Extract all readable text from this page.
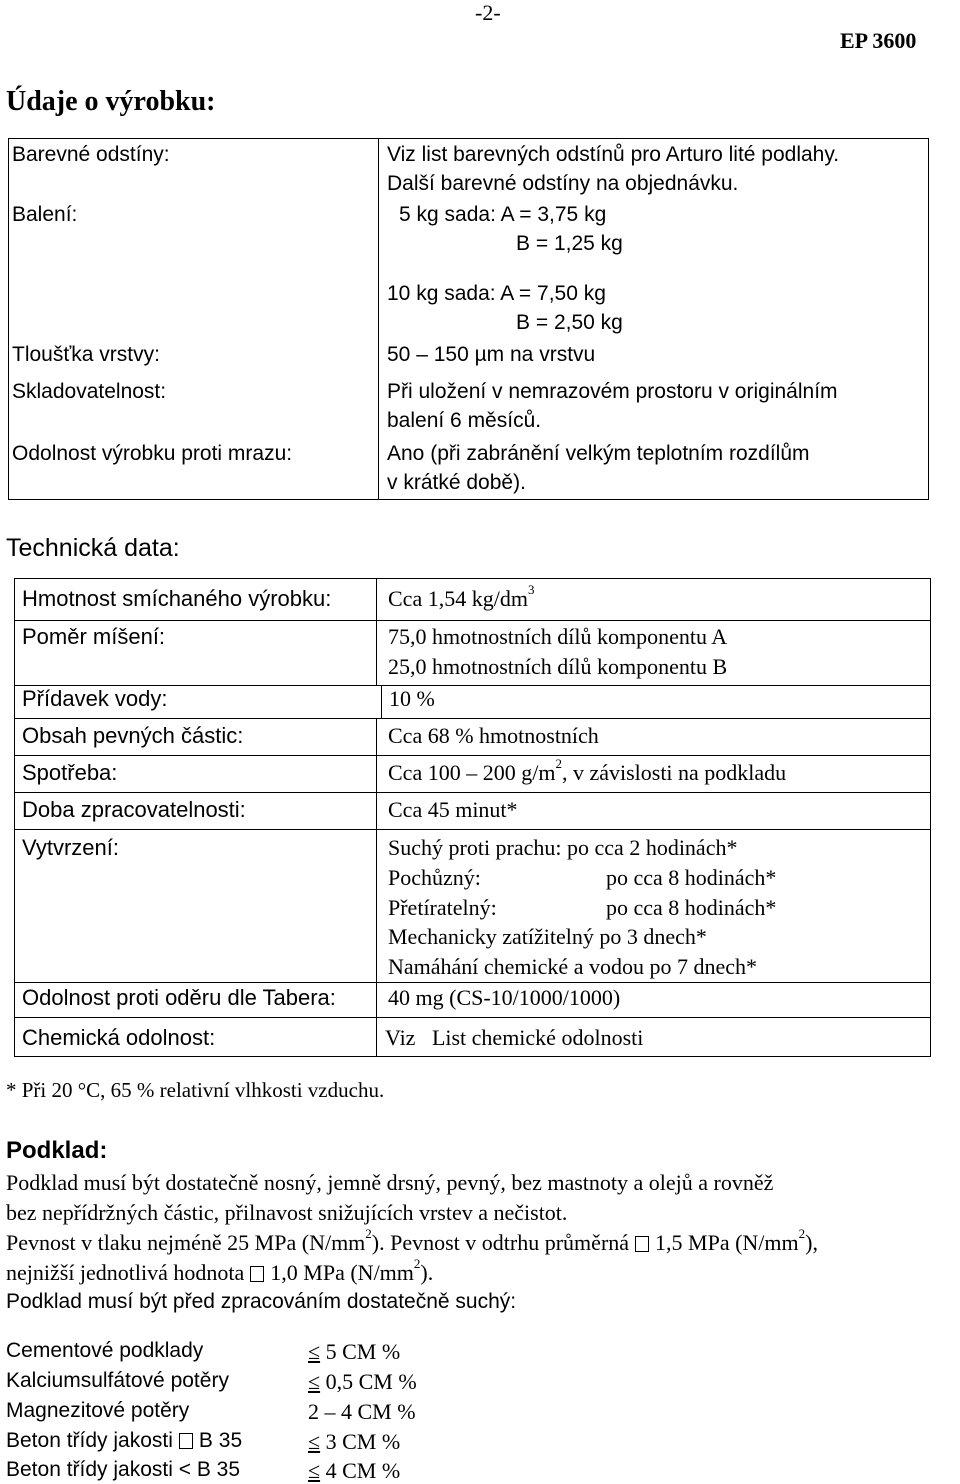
-2-
EP 3600
Údaje o výrobku:
Barevné odstíny:	Viz list barevných odstínů pro Arturo lité podlahy.
Další barevné odstíny na objednávku.
Balení:	5 kg sada: A = 3,75 kg
B = 1,25 kg
10 kg sada: A = 7,50 kg
B = 2,50 kg
Tloušťka vrstvy:	50 – 150 µm na vrstvu
Skladovatelnost:	Při uložení v nemrazovém prostoru v originálním
balení 6 měsíců.
Odolnost výrobku proti mrazu:	Ano (při zabránění velkým teplotním rozdílům
v krátké době).
Technická data:
Hmotnost smíchaného výrobku:	Cca 1,54 $kg/dm^3$
Poměr míšení:	75,0 hmotnostních dílů komponentu A
25,0 hmotnostních dílů komponentu B
Přídavek vody:	10 %
Obsah pevných částic:	Cca 68 % hmotnostních
Spotřeba:	Cca 100 – 200 $g/m^2$, v závislosti na podkladu
Doba zpracovatelnosti:	Cca 45 minut*
Vytvrzení:	Suchý proti prachu: po cca 2 hodinách*
Pochůzný:	po cca 8 hodinách*
Přetíratelný:	po cca 8 hodinách*
Mechanicky zatížitelný po 3 dnech*
Namáhání chemické a vodou po 7 dnech*
Odolnost proti oděru dle Tabera: 40 mg (CS-10/1000/1000)
Chemická odolnost:	Viz   List chemické odolnosti
* Při 20 °C, 65 % relativní vlhkosti vzduchu.
Podklad:
Podklad musí být dostatečně nosný, jemně drsný, pevný, bez mastnoty a olejů a rovněž
bez nepřídržných částic, přilnavost snižujících vrstev a nečistot.
Pevnost v tlaku nejméně 25 MPa $(N/mm^2)$. Pevnost v odtrhu průměrná 1,5 MPa $(N/mm^2)$,
nejnižší jednotlivá hodnota 1,0 MPa $(N/mm^2)$.
Podklad musí být před zpracováním dostatečně suchý:
Cementové podklady	≤ 5 CM %
Kalciumsulfátové potěry	≤ 0,5 CM %
Magnezitové potěry	2 – 4 CM %
Beton třídy jakosti B 35	≤ 3 CM %
Beton třídy jakosti < B 35	≤ 4 CM %
